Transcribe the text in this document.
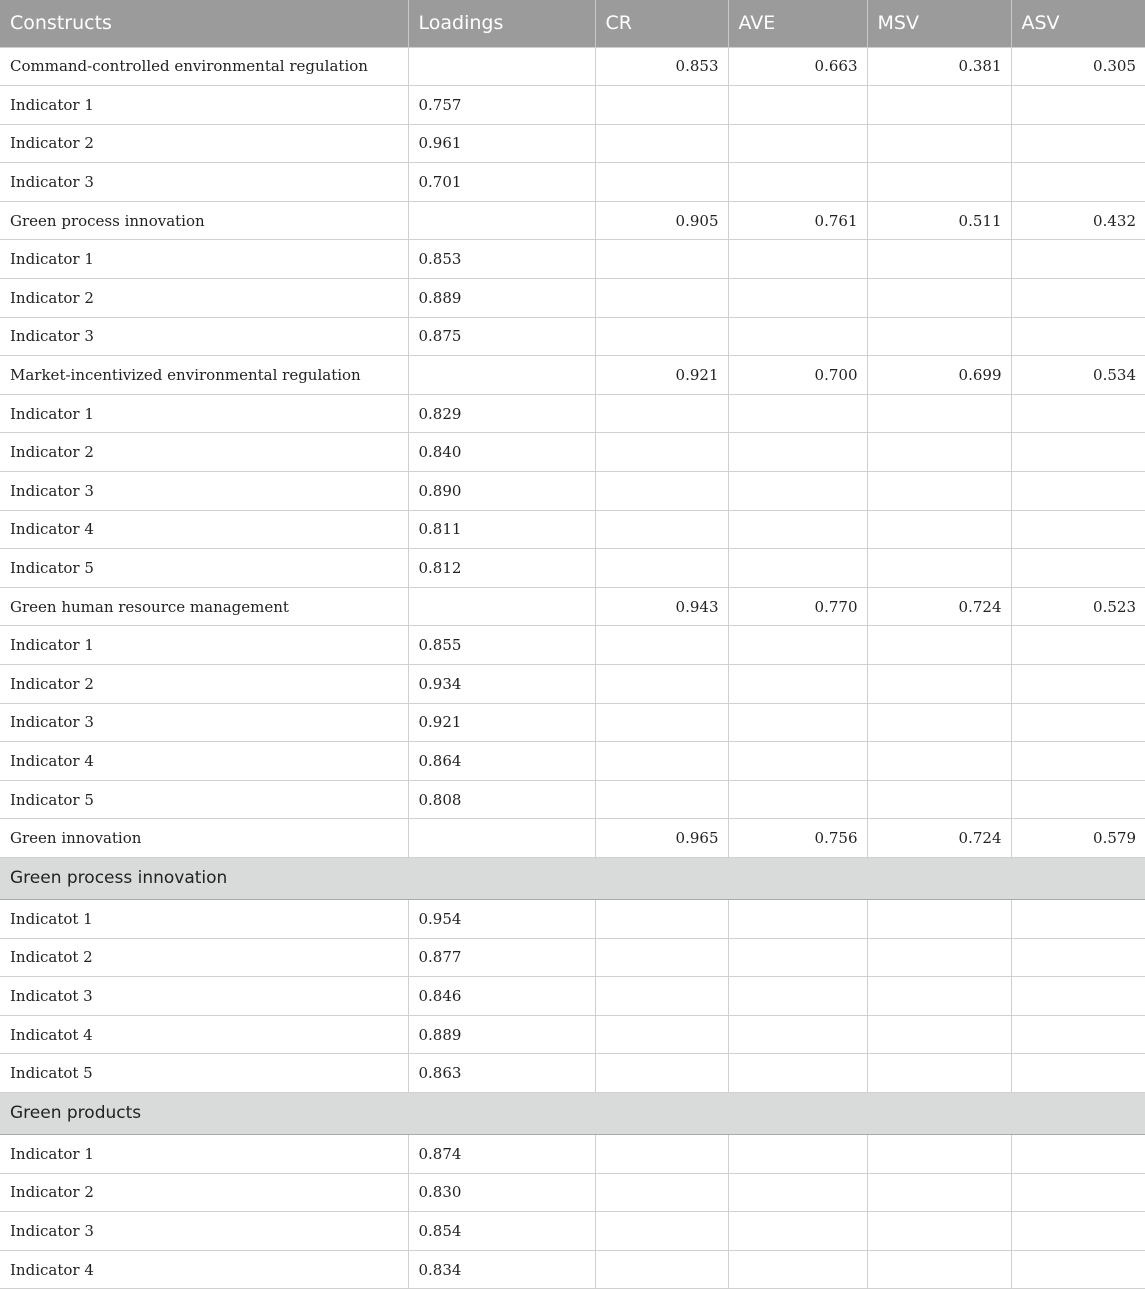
Constructs	Loadings	CR	AVE	MSV	ASV
Command-controlled environmental regulation		0.853	0.663	0.381	0.305
Indicator 1	0.757				
Indicator 2	0.961				
Indicator 3	0.701				
Green process innovation		0.905	0.761	0.511	0.432
Indicator 1	0.853				
Indicator 2	0.889				
Indicator 3	0.875				
Market-incentivized environmental regulation		0.921	0.700	0.699	0.534
Indicator 1	0.829				
Indicator 2	0.840				
Indicator 3	0.890				
Indicator 4	0.811				
Indicator 5	0.812				
Green human resource management		0.943	0.770	0.724	0.523
Indicator 1	0.855				
Indicator 2	0.934				
Indicator 3	0.921				
Indicator 4	0.864				
Indicator 5	0.808				
Green innovation		0.965	0.756	0.724	0.579
Green process innovation					
Indicatot 1	0.954				
Indicatot 2	0.877				
Indicatot 3	0.846				
Indicatot 4	0.889				
Indicatot 5	0.863				
Green products					
Indicator 1	0.874				
Indicator 2	0.830				
Indicator 3	0.854				
Indicator 4	0.834				
